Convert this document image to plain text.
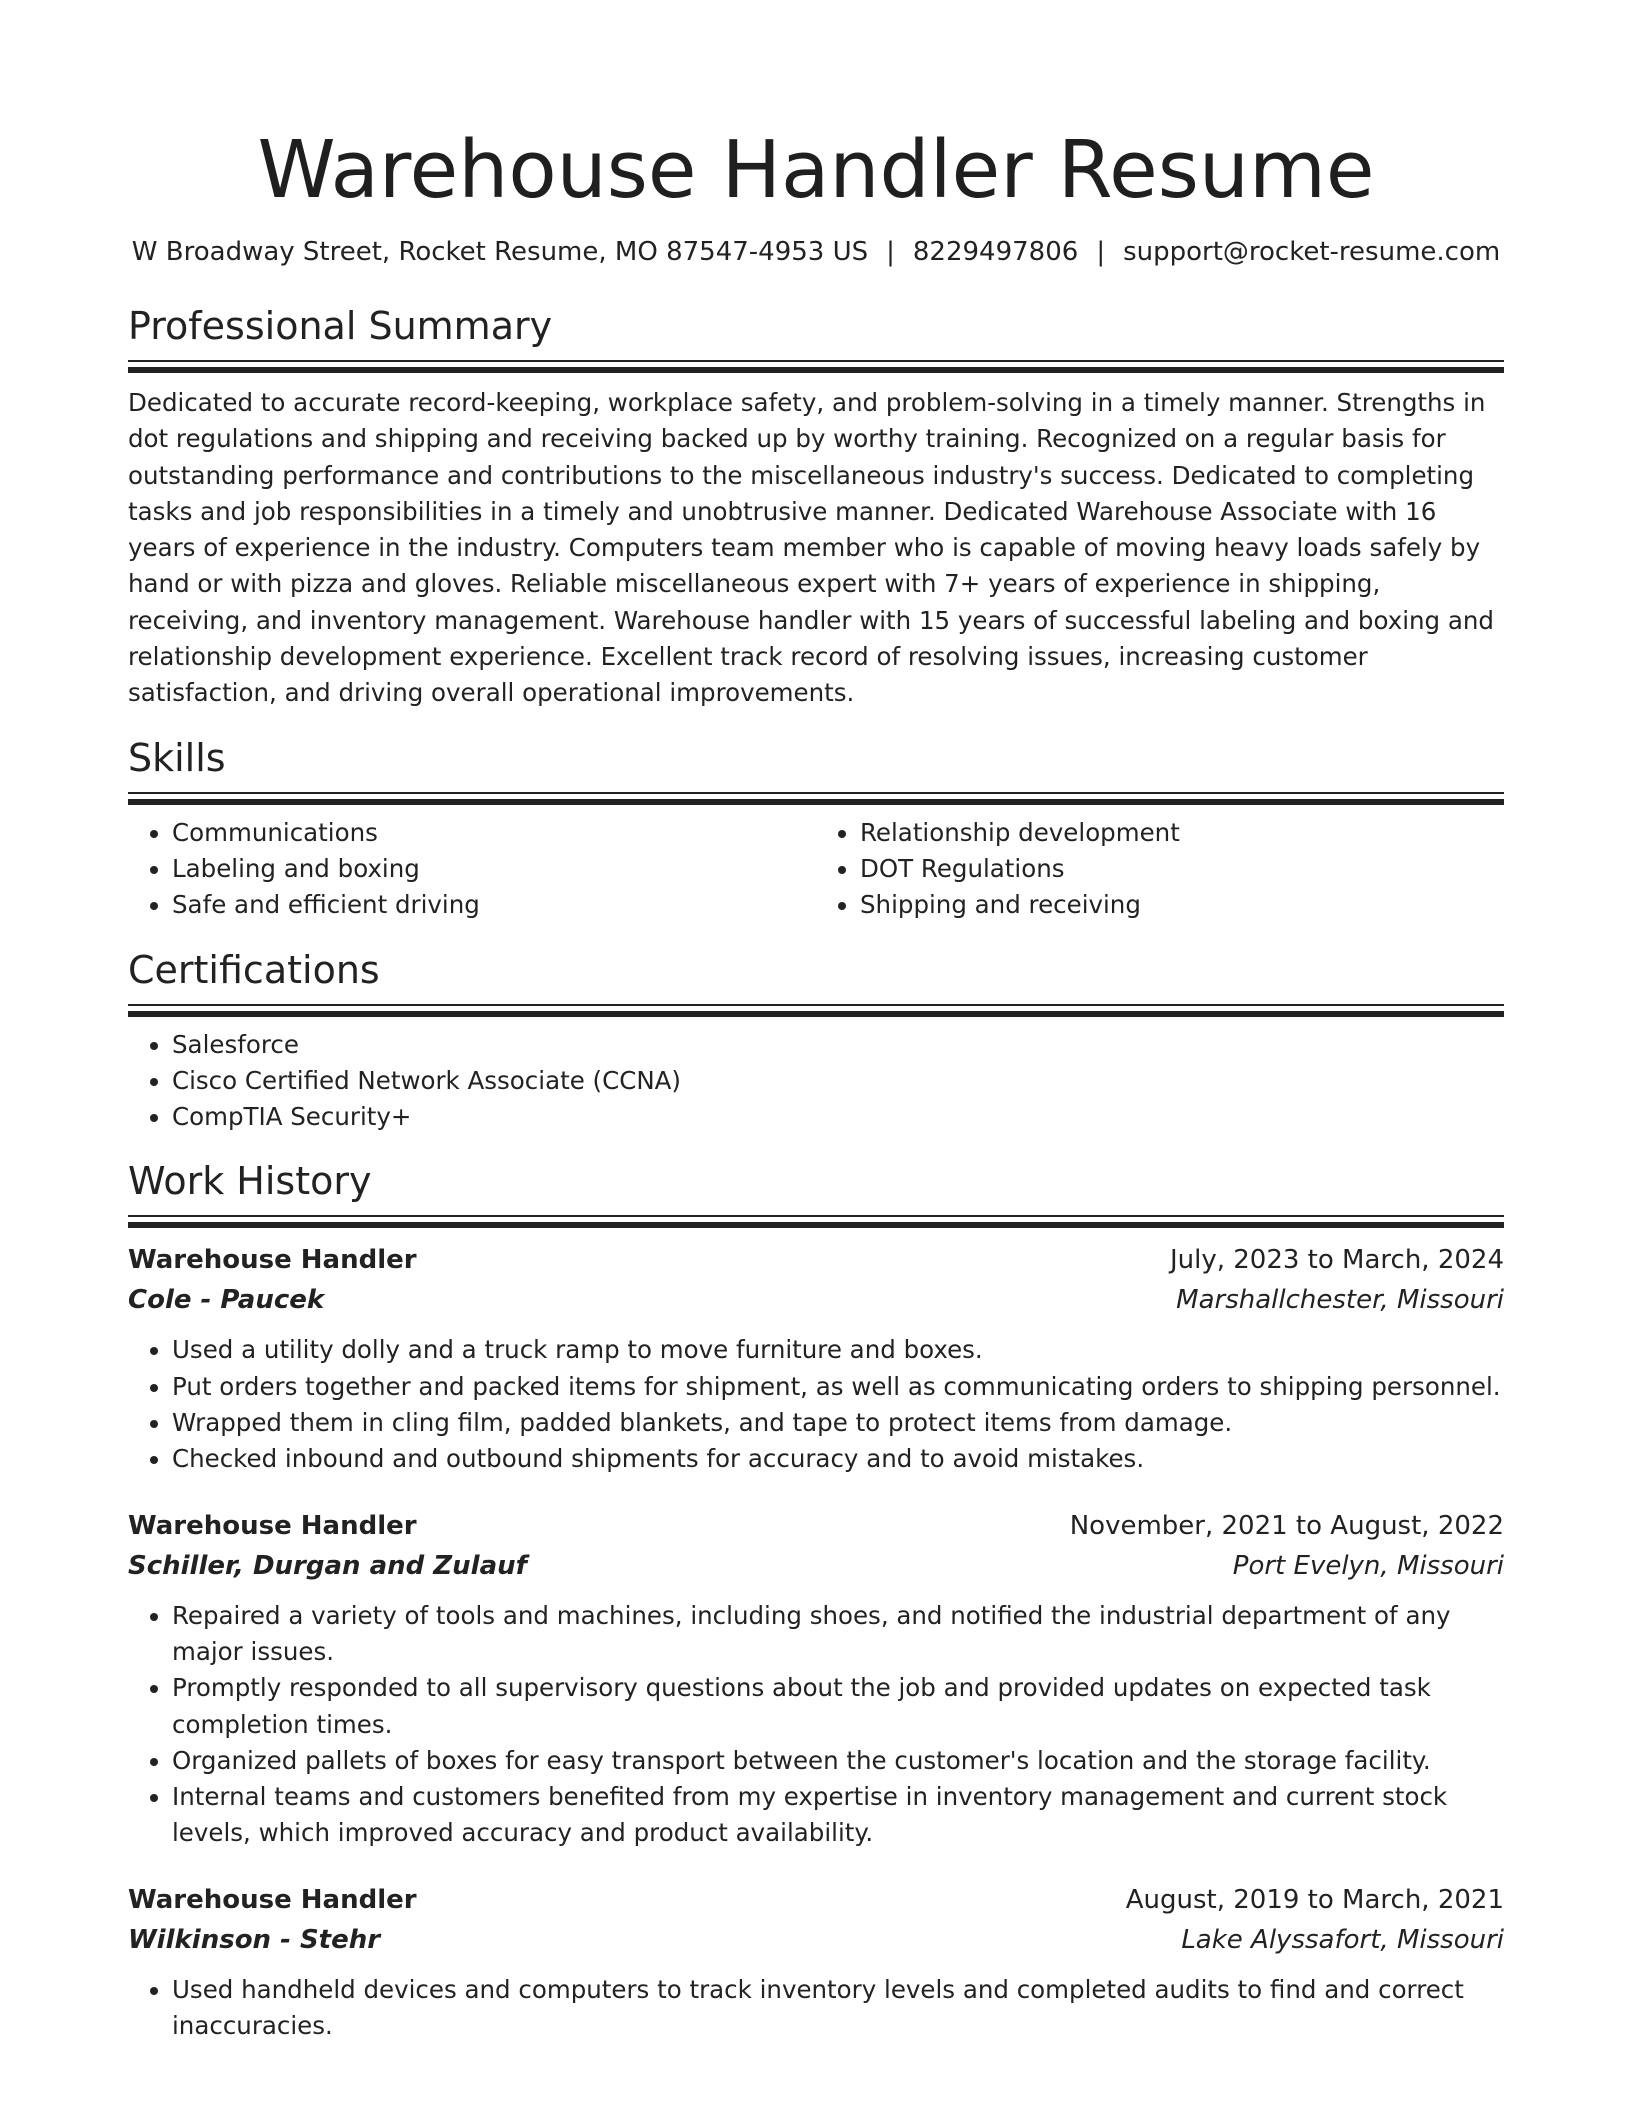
Warehouse Handler Resume
W Broadway Street, Rocket Resume, MO 87547-4953 US | 8229497806 | support@rocket-resume.com
Professional Summary

Dedicated to accurate record-keeping, workplace safety, and problem-solving in a timely manner. Strengths in dot regulations and shipping and receiving backed up by worthy training. Recognized on a regular basis for outstanding performance and contributions to the miscellaneous industry's success. Dedicated to completing tasks and job responsibilities in a timely and unobtrusive manner. Dedicated Warehouse Associate with 16 years of experience in the industry. Computers team member who is capable of moving heavy loads safely by hand or with pizza and gloves. Reliable miscellaneous expert with 7+ years of experience in shipping, receiving, and inventory management. Warehouse handler with 15 years of successful labeling and boxing and relationship development experience. Excellent track record of resolving issues, increasing customer satisfaction, and driving overall operational improvements.

Skills
• Communications
• Labeling and boxing
• Safe and efficient driving
• Relationship development
• DOT Regulations
• Shipping and receiving
Certifications
• Salesforce
• Cisco Certified Network Associate (CCNA)
• CompTIA Security+
Work History
Warehouse Handler	July, 2023 to March, 2024
Cole - Paucek	Marshallchester, Missouri
• Used a utility dolly and a truck ramp to move furniture and boxes.
• Put orders together and packed items for shipment, as well as communicating orders to shipping personnel.
• Wrapped them in cling film, padded blankets, and tape to protect items from damage.
• Checked inbound and outbound shipments for accuracy and to avoid mistakes.
Warehouse Handler	November, 2021 to August, 2022
Schiller, Durgan and Zulauf	Port Evelyn, Missouri
• Repaired a variety of tools and machines, including shoes, and notified the industrial department of any major issues.
• Promptly responded to all supervisory questions about the job and provided updates on expected task completion times.
• Organized pallets of boxes for easy transport between the customer's location and the storage facility.
• Internal teams and customers benefited from my expertise in inventory management and current stock levels, which improved accuracy and product availability.
Warehouse Handler	August, 2019 to March, 2021
Wilkinson - Stehr	Lake Alyssafort, Missouri
• Used handheld devices and computers to track inventory levels and completed audits to find and correct inaccuracies.
